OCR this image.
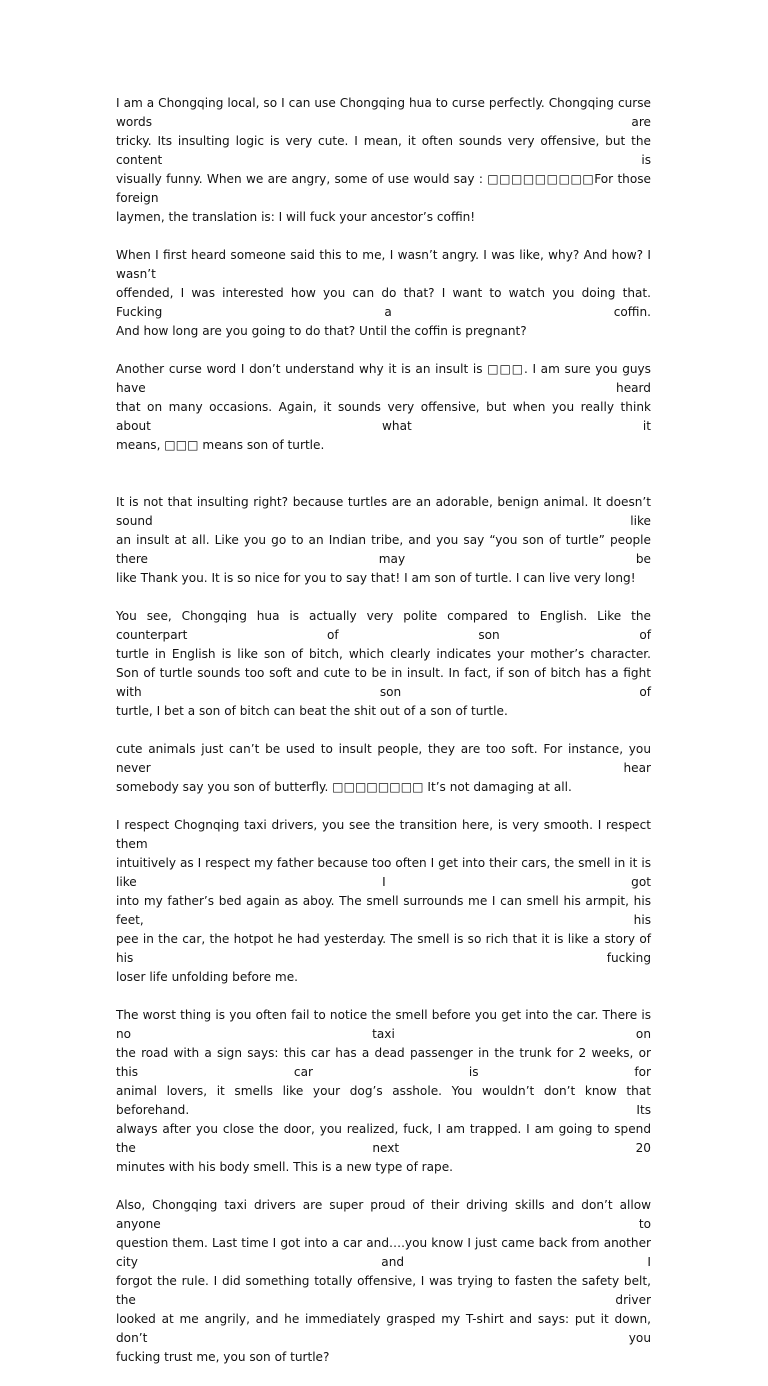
I am a Chongqing local, so I can use Chongqing hua to curse perfectly. Chongqing curse words are
tricky. Its insulting logic is very cute. I mean, it often sounds very offensive, but the content is
visually funny. When we are angry, some of use would say : □□□□□□□□□For those foreign
laymen, the translation is: I will fuck your ancestor’s coffin!
When I first heard someone said this to me, I wasn’t angry. I was like, why? And how? I wasn’t
offended, I was interested how you can do that? I want to watch you doing that. Fucking a coffin.
And how long are you going to do that? Until the coffin is pregnant?
Another curse word I don’t understand why it is an insult is □□□. I am sure you guys have heard
that on many occasions. Again, it sounds very offensive, but when you really think about what it
means, □□□ means son of turtle.
It is not that insulting right? because turtles are an adorable, benign animal. It doesn’t sound like
an insult at all. Like you go to an Indian tribe, and you say “you son of turtle” people there may be
like Thank you. It is so nice for you to say that! I am son of turtle. I can live very long!
You see, Chongqing hua is actually very polite compared to English. Like the counterpart of son of
turtle in English is like son of bitch, which clearly indicates your mother’s character.
Son of turtle sounds too soft and cute to be in insult. In fact, if son of bitch has a fight with son of
turtle, I bet a son of bitch can beat the shit out of a son of turtle.
cute animals just can’t be used to insult people, they are too soft. For instance, you never hear
somebody say you son of butterfly. □□□□□□□□ It’s not damaging at all.
I respect Chognqing taxi drivers, you see the transition here, is very smooth. I respect them
intuitively as I respect my father because too often I get into their cars, the smell in it is like I got
into my father’s bed again as aboy. The smell surrounds me I can smell his armpit, his feet, his
pee in the car, the hotpot he had yesterday. The smell is so rich that it is like a story of his fucking
loser life unfolding before me.
The worst thing is you often fail to notice the smell before you get into the car. There is no taxi on
the road with a sign says: this car has a dead passenger in the trunk for 2 weeks, or this car is for
animal lovers, it smells like your dog’s asshole. You wouldn’t don’t know that beforehand. Its
always after you close the door, you realized, fuck, I am trapped. I am going to spend the next 20
minutes with his body smell. This is a new type of rape.
Also, Chongqing taxi drivers are super proud of their driving skills and don’t allow anyone to
question them. Last time I got into a car and….you know I just came back from another city and I
forgot the rule. I did something totally offensive, I was trying to fasten the safety belt, the driver
looked at me angrily, and he immediately grasped my T-shirt and says: put it down, don’t you
fucking trust me, you son of turtle?
